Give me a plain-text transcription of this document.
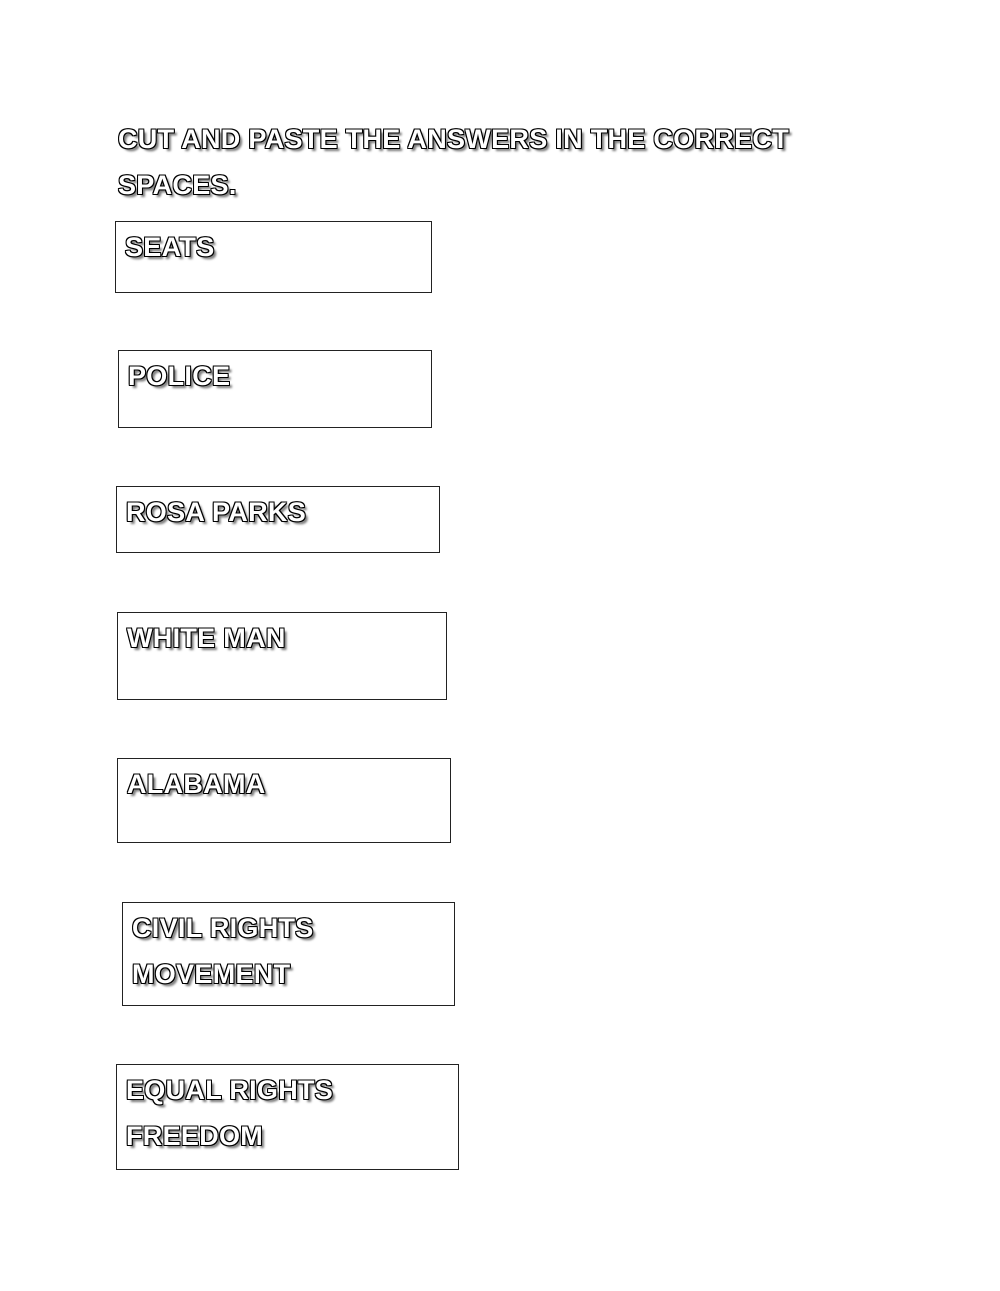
CUT AND PASTE THE ANSWERS IN THE CORRECT SPACES.
SEATS
POLICE
ROSA PARKS
WHITE MAN
ALABAMA
CIVIL RIGHTS
MOVEMENT
EQUAL RIGHTS
FREEDOM
